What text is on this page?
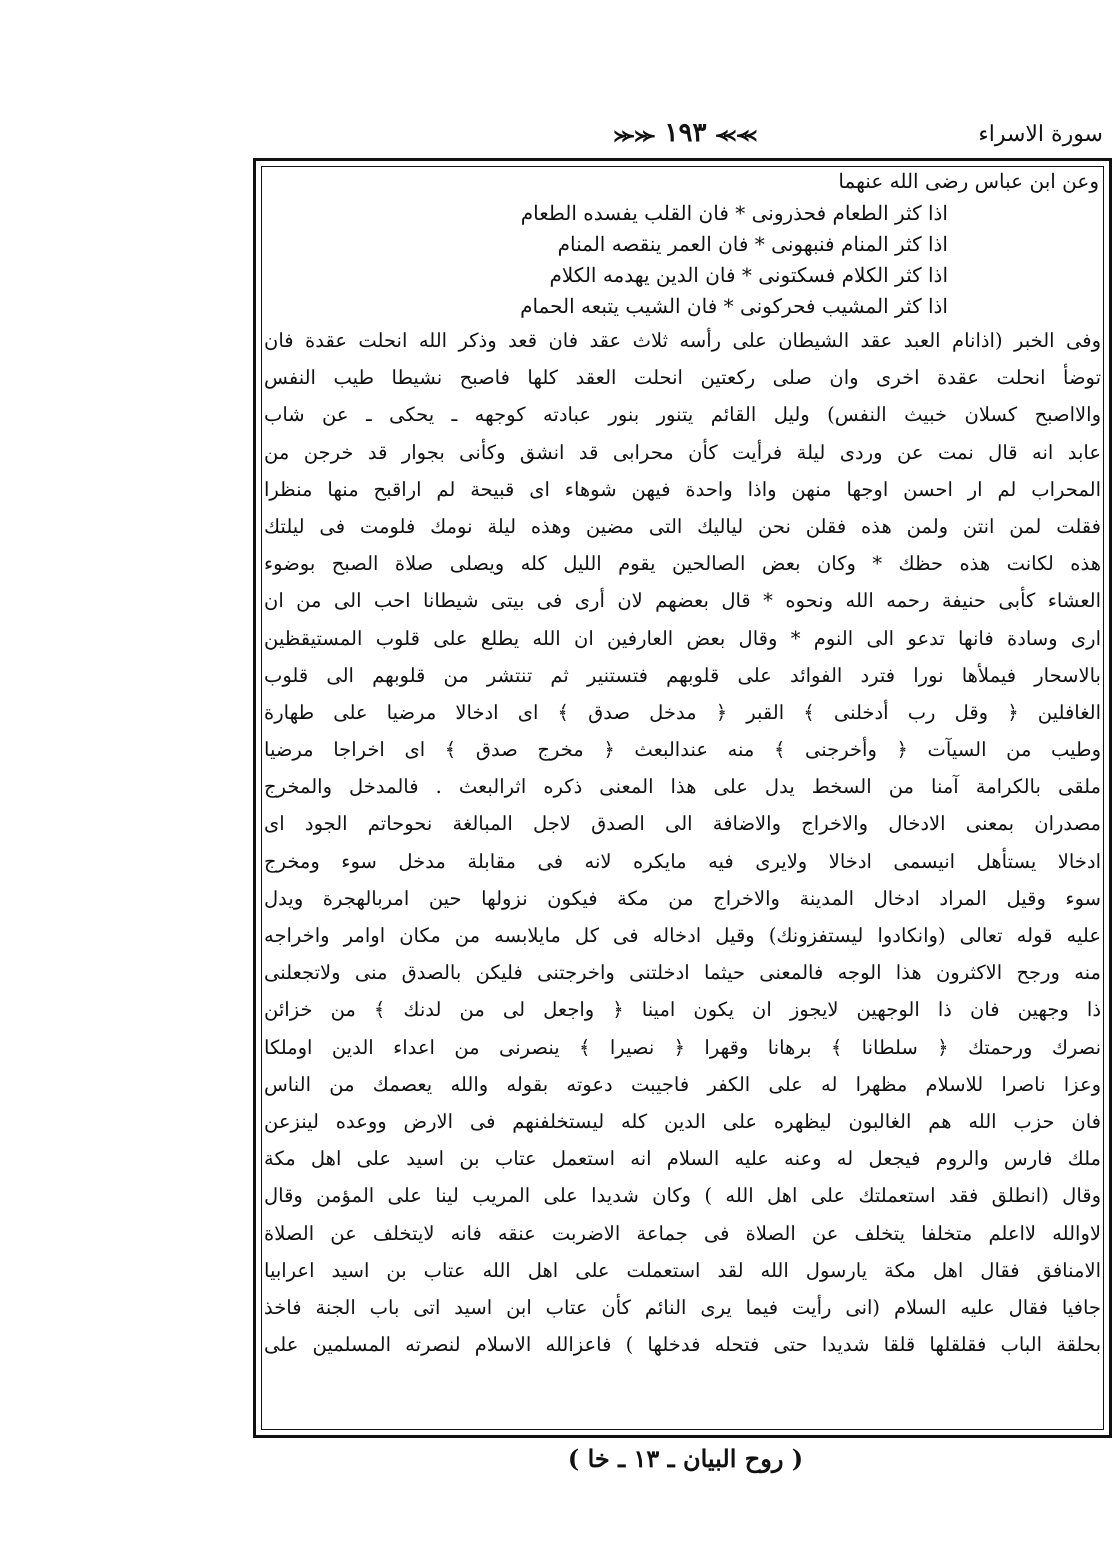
سورة الاسراء
⪼⪼ ١٩٣ ⪻⪻
وعن ابن عباس رضى الله عنهما
اذا كثر الطعام فحذرونى * فان القلب يفسده الطعام
اذا كثر المنام فنبهونى * فان العمر ينقصه المنام
اذا كثر الكلام فسكتونى * فان الدين يهدمه الكلام
اذا كثر المشيب فحركونى * فان الشيب يتبعه الحمام
وفى الخبر (اذانام العبد عقد الشيطان على رأسه ثلاث عقد فان قعد وذكر الله انحلت عقدة فان
توضأ انحلت عقدة اخرى وان صلى ركعتين انحلت العقد كلها فاصبح نشيطا طيب النفس
والااصبح كسلان خبيث النفس) وليل القائم يتنور بنور عبادته كوجهه ـ يحكى ـ عن شاب
عابد انه قال نمت عن وردى ليلة فرأيت كأن محرابى قد انشق وكأنى بجوار قد خرجن من
المحراب لم ار احسن اوجها منهن واذا واحدة فيهن شوهاء اى قبيحة لم اراقبح منها منظرا
فقلت لمن انتن ولمن هذه فقلن نحن لياليك التى مضين وهذه ليلة نومك فلومت فى ليلتك
هذه لكانت هذه حظك * وكان بعض الصالحين يقوم الليل كله ويصلى صلاة الصبح بوضوء
العشاء كأبى حنيفة رحمه الله ونحوه * قال بعضهم لان أرى فى بيتى شيطانا احب الى من ان
ارى وسادة فانها تدعو الى النوم * وقال بعض العارفين ان الله يطلع على قلوب المستيقظين
بالاسحار فيملأها نورا فترد الفوائد على قلوبهم فتستنير ثم تنتشر من قلوبهم الى قلوب
الغافلين ﴿ وقل رب أدخلنى ﴾ القبر ﴿ مدخل صدق ﴾ اى ادخالا مرضيا على طهارة
وطيب من السيآت ﴿ وأخرجنى ﴾ منه عندالبعث ﴿ مخرج صدق ﴾ اى اخراجا مرضيا
ملقى بالكرامة آمنا من السخط يدل على هذا المعنى ذكره اثرالبعث . فالمدخل والمخرج
مصدران بمعنى الادخال والاخراج والاضافة الى الصدق لاجل المبالغة نحوحاتم الجود اى
ادخالا يستأهل انيسمى ادخالا ولايرى فيه مايكره لانه فى مقابلة مدخل سوء ومخرج
سوء وقيل المراد ادخال المدينة والاخراج من مكة فيكون نزولها حين امربالهجرة ويدل
عليه قوله تعالى (وانكادوا ليستفزونك) وقيل ادخاله فى كل مايلابسه من مكان اوامر واخراجه
منه ورجح الاكثرون هذا الوجه فالمعنى حيثما ادخلتنى واخرجتنى فليكن بالصدق منى ولاتجعلنى
ذا وجهين فان ذا الوجهين لايجوز ان يكون امينا ﴿ واجعل لى من لدنك ﴾ من خزائن
نصرك ورحمتك ﴿ سلطانا ﴾ برهانا وقهرا ﴿ نصيرا ﴾ ينصرنى من اعداء الدين اوملكا
وعزا ناصرا للاسلام مظهرا له على الكفر فاجيبت دعوته بقوله والله يعصمك من الناس
فان حزب الله هم الغالبون ليظهره على الدين كله ليستخلفنهم فى الارض ووعده لينزعن
ملك فارس والروم فيجعل له وعنه عليه السلام انه استعمل عتاب بن اسيد على اهل مكة
وقال (انطلق فقد استعملتك على اهل الله ) وكان شديدا على المريب لينا على المؤمن وقال
لاوالله لااعلم متخلفا يتخلف عن الصلاة فى جماعة الاضربت عنقه فانه لايتخلف عن الصلاة
الامنافق فقال اهل مكة يارسول الله لقد استعملت على اهل الله عتاب بن اسيد اعرابيا
جافيا فقال عليه السلام (انى رأيت فيما يرى النائم كأن عتاب ابن اسيد اتى باب الجنة فاخذ
بحلقة الباب فقلقلها قلقا شديدا حتى فتحله فدخلها ) فاعزالله الاسلام لنصرته المسلمين على
( روح البيان ـ ١٣ ـ خا )
